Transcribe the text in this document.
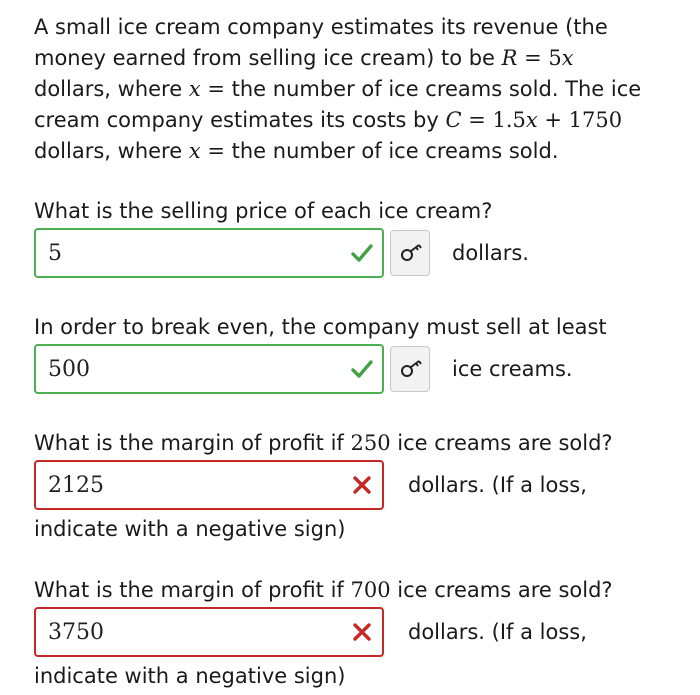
A small ice cream company estimates its revenue (the
money earned from selling ice cream) to be R = 5x
dollars, where x = the number of ice creams sold. The ice
cream company estimates its costs by C = 1.5x + 1750
dollars, where x = the number of ice creams sold.

What is the selling price of each ice cream?

5

dollars.

In order to break even, the company must sell at least

500

ice creams.

What is the margin of profit if 250 ice creams are sold?

2125

dollars. (If a loss,

indicate with a negative sign)

What is the margin of profit if 700 ice creams are sold?

3750

dollars. (If a loss,

indicate with a negative sign)
